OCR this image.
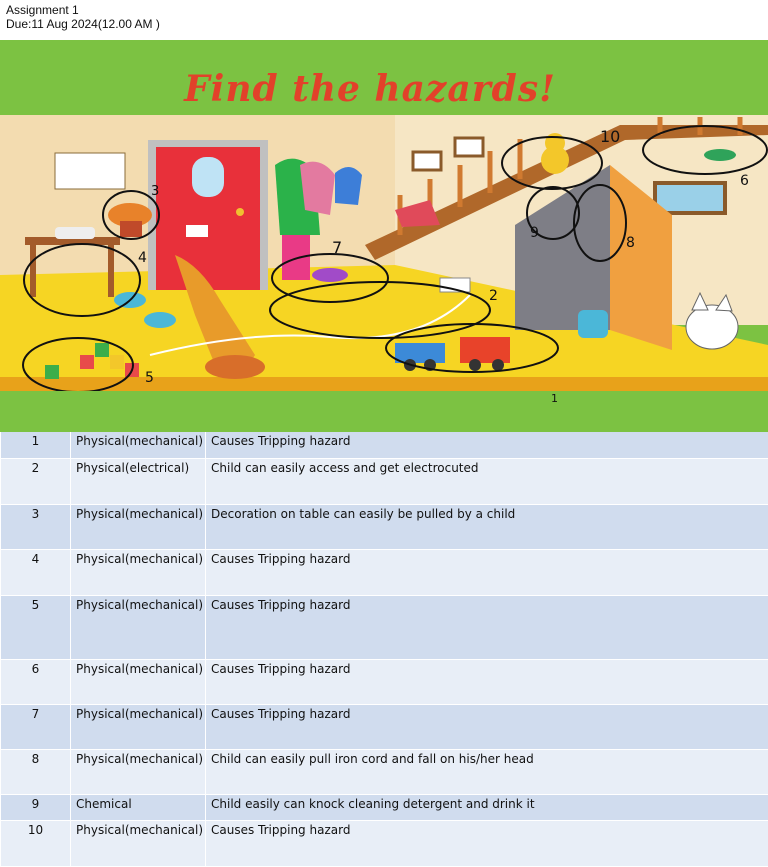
Assignment 1
Due:11 Aug 2024(12.00 AM )
Find the hazards!
10
6
3
4
7
9
8
2
5
1
1	Physical(mechanical)	Causes Tripping hazard
2	Physical(electrical)	Child can easily access and get electrocuted
3	Physical(mechanical)	Decoration on table can easily be pulled by a child
4	Physical(mechanical)	Causes Tripping hazard
5	Physical(mechanical)	Causes Tripping hazard
6	Physical(mechanical)	Causes Tripping hazard
7	Physical(mechanical)	Causes Tripping hazard
8	Physical(mechanical)	Child can easily pull iron cord and fall on his/her head
9	Chemical	Child easily can knock cleaning detergent and drink it
10	Physical(mechanical)	Causes Tripping hazard
